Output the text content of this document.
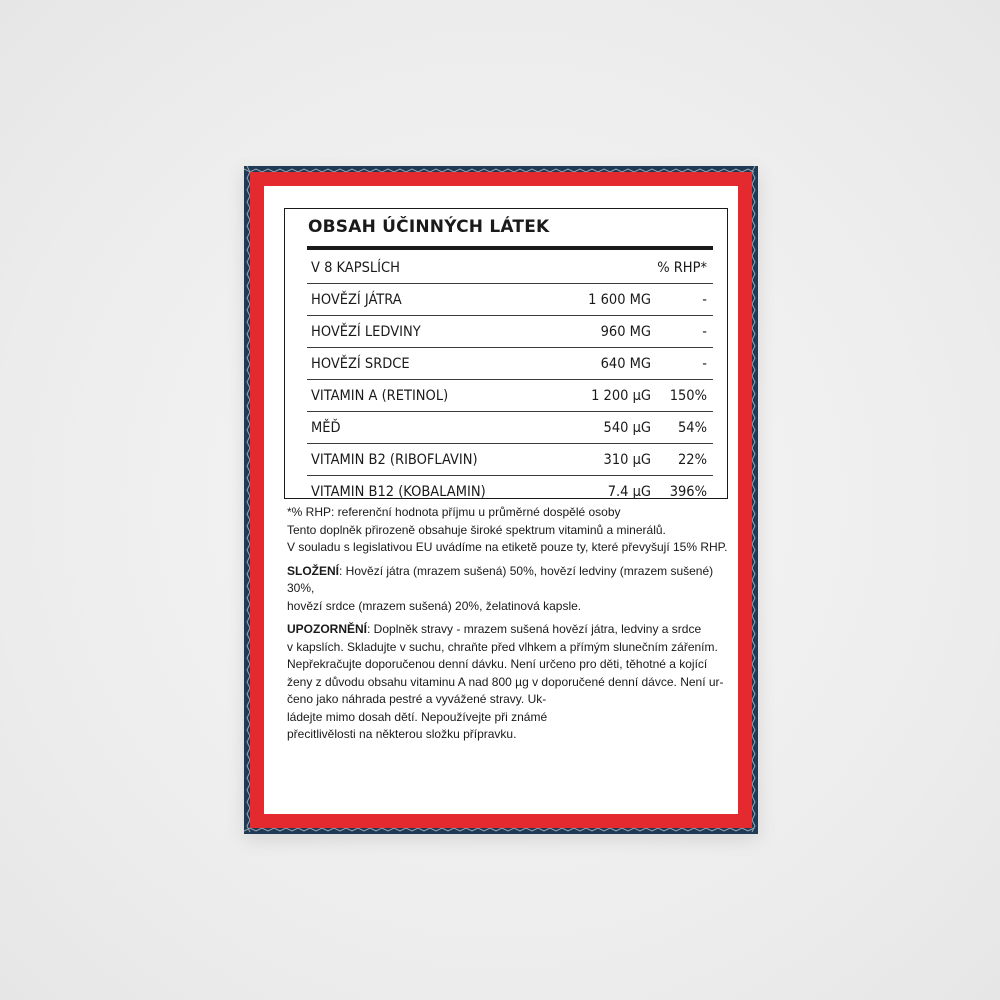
OBSAH ÚČINNÝCH LÁTEK
V 8 KAPSLÍCH	% RHP*
HOVĚZÍ JÁTRA	1 600 MG	-
HOVĚZÍ LEDVINY	960 MG	-
HOVĚZÍ SRDCE	640 MG	-
VITAMIN A (RETINOL)	1 200 µG 150%
MĚĎ	540 µG 54%
VITAMIN B2 (RIBOFLAVIN)	310 µG 22%
VITAMIN B12 (KOBALAMIN)	7.4 µG 396%

*% RHP: referenční hodnota příjmu u průměrné dospělé osoby

Tento doplněk přirozeně obsahuje široké spektrum vitaminů a minerálů.

V souladu s legislativou EU uvádíme na etiketě pouze ty, které převyšují 15% RHP.

SLOŽENÍ: Hovězí játra (mrazem sušená) 50%, hovězí ledviny (mrazem sušené) 30%,

hovězí srdce (mrazem sušená) 20%, želatinová kapsle.

UPOZORNĚNÍ: Doplněk stravy - mrazem sušená hovězí játra, ledviny a srdce

v kapslích. Skladujte v suchu, chraňte před vlhkem a přímým slunečním zářením.

Nepřekračujte doporučenou denní dávku. Není určeno pro děti, těhotné a kojící

ženy z důvodu obsahu vitaminu A nad 800 µg v doporučené denní dávce. Není ur-

čeno jako náhrada pestré a vyvážené stravy. Uk-

ládejte mimo dosah dětí. Nepoužívejte při známé

přecitlivělosti na některou složku přípravku.
